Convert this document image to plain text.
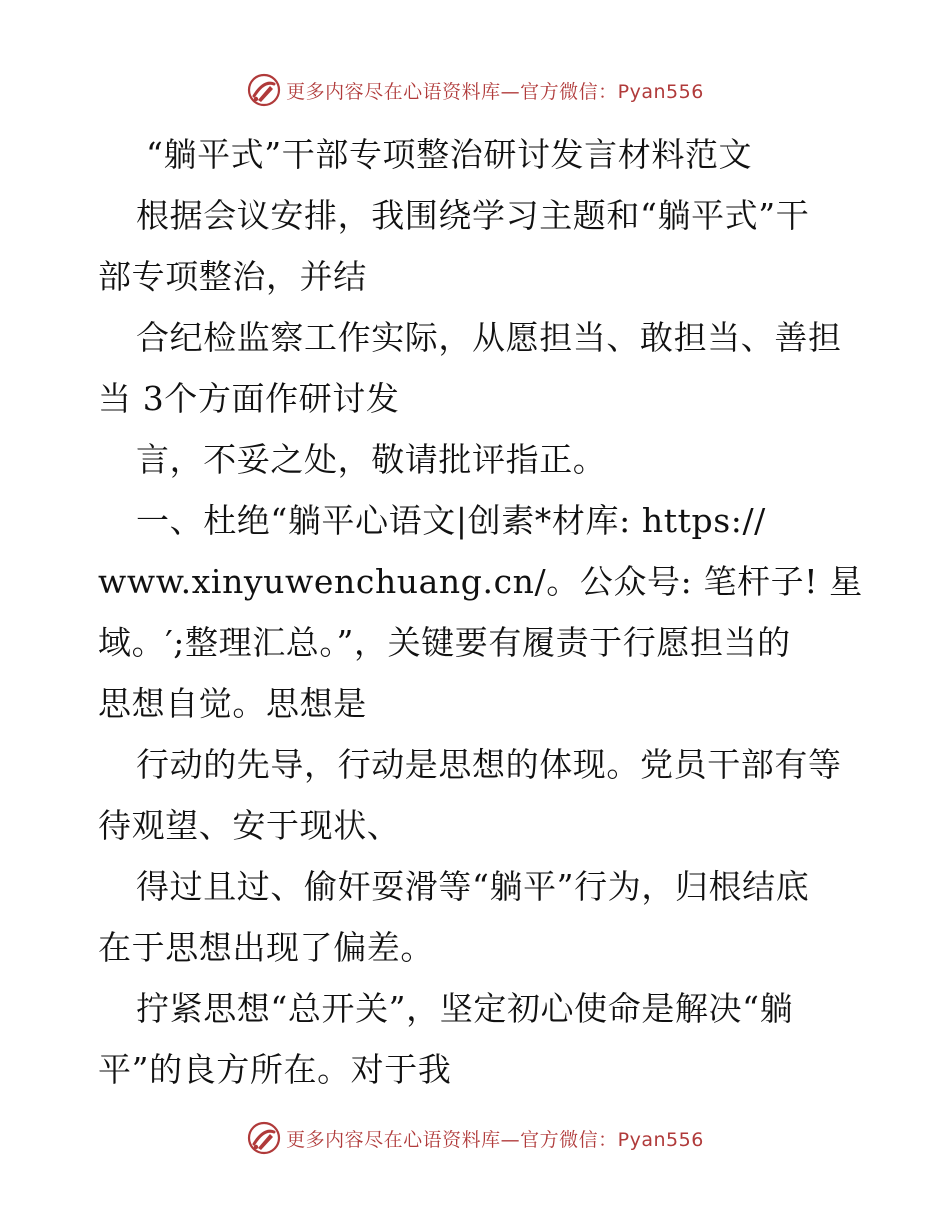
更多内容尽在心语资料库—官方微信：Pyan556
“躺平式”干部专项整治研讨发言材料范文
根据会议安排，我围绕学习主题和“躺平式”干
部专项整治，并结
合纪检监察工作实际，从愿担当、敢担当、善担
当 3个方面作研讨发
言，不妥之处，敬请批评指正。
一、杜绝“躺平心语文|创素*材库: https://
www.xinyuwenchuang.cn/。公众号: 笔杆子! 星
域。′;整理汇总。”，关键要有履责于行愿担当的
思想自觉。思想是
行动的先导，行动是思想的体现。党员干部有等
待观望、安于现状、
得过且过、偷奸耍滑等“躺平”行为，归根结底
在于思想出现了偏差。
拧紧思想“总开关”，坚定初心使命是解决“躺
平”的良方所在。对于我
更多内容尽在心语资料库—官方微信：Pyan556
